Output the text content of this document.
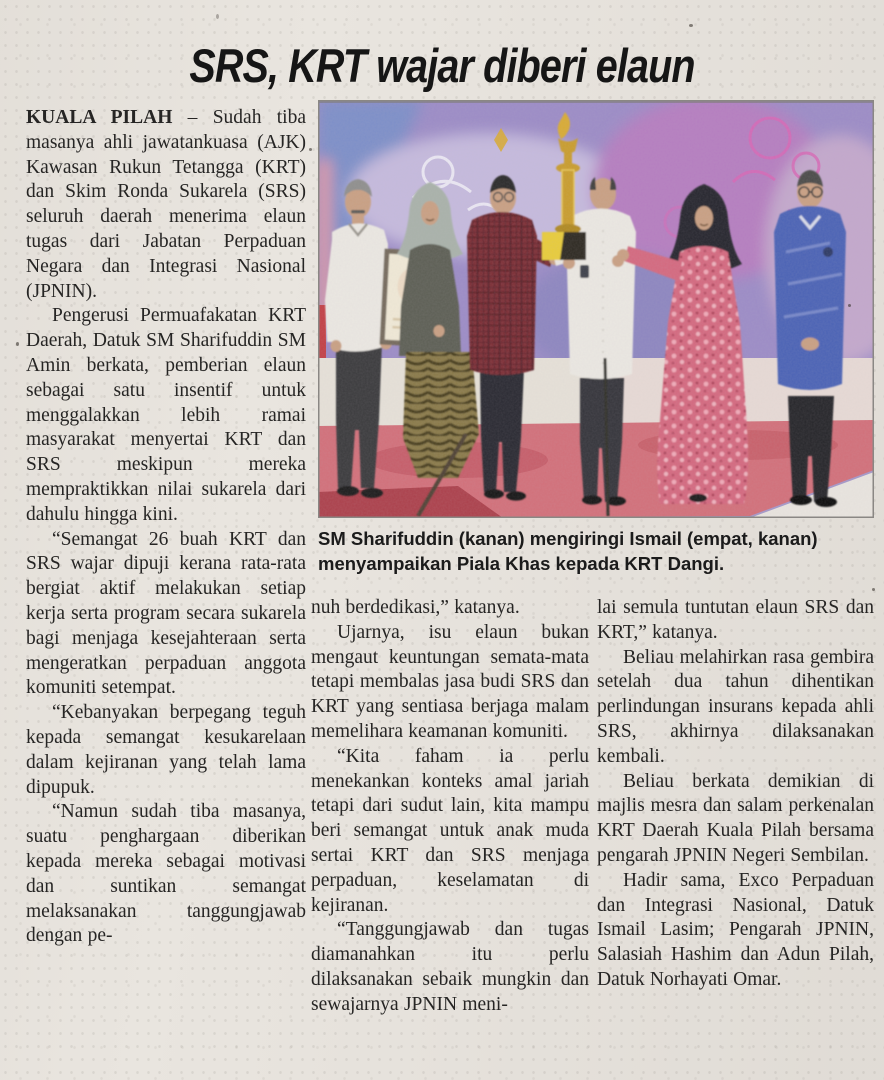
SRS, KRT wajar diberi elaun

KUALA PILAH – Sudah tiba masanya ahli jawatankuasa (AJK) Kawasan Rukun Tetangga (KRT) dan Skim Ronda Sukarela (SRS) seluruh daerah menerima elaun tugas dari Jabatan Perpaduan Negara dan Integrasi Nasional (JPNIN).

Pengerusi Permuafakatan KRT Daerah, Datuk SM Sharifuddin SM Amin berkata, pemberian elaun sebagai satu insentif untuk menggalakkan lebih ramai masyarakat menyertai KRT dan SRS meskipun mereka mempraktikkan nilai sukarela dari dahulu hingga kini.

“Semangat 26 buah KRT dan SRS wajar dipuji kerana rata-rata bergiat aktif melakukan setiap kerja serta program secara sukarela bagi menjaga kesejahteraan serta mengeratkan perpaduan anggota komuniti setempat.

“Kebanyakan berpegang teguh kepada semangat kesukarelaan dalam kejiranan yang telah lama dipupuk.

“Namun sudah tiba masanya, suatu penghargaan diberikan kepada mereka sebagai motivasi dan suntikan semangat melaksanakan tanggungjawab dengan pe-

SM Sharifuddin (kanan) mengiringi Ismail (empat, kanan) menyampaikan Piala Khas kepada KRT Dangi.

nuh berdedikasi,” katanya.

Ujarnya, isu elaun bukan mengaut keuntungan semata-mata tetapi membalas jasa budi SRS dan KRT yang sentiasa berjaga malam memelihara keamanan komuniti.

“Kita faham ia perlu menekankan konteks amal jariah tetapi dari sudut lain, kita mampu beri semangat untuk anak muda sertai KRT dan SRS menjaga perpaduan, keselamatan di kejiranan.

“Tanggungjawab dan tugas diamanahkan itu perlu dilaksanakan sebaik mungkin dan sewajarnya JPNIN meni-

lai semula tuntutan elaun SRS dan KRT,” katanya.

Beliau melahirkan rasa gembira setelah dua tahun dihentikan perlindungan insurans kepada ahli SRS, akhirnya dilaksanakan kembali.

Beliau berkata demikian di majlis mesra dan salam perkenalan KRT Daerah Kuala Pilah bersama pengarah JPNIN Negeri Sembilan.

Hadir sama, Exco Perpaduan dan Integrasi Nasional, Datuk Ismail Lasim; Pengarah JPNIN, Salasiah Hashim dan Adun Pilah, Datuk Norhayati Omar.
